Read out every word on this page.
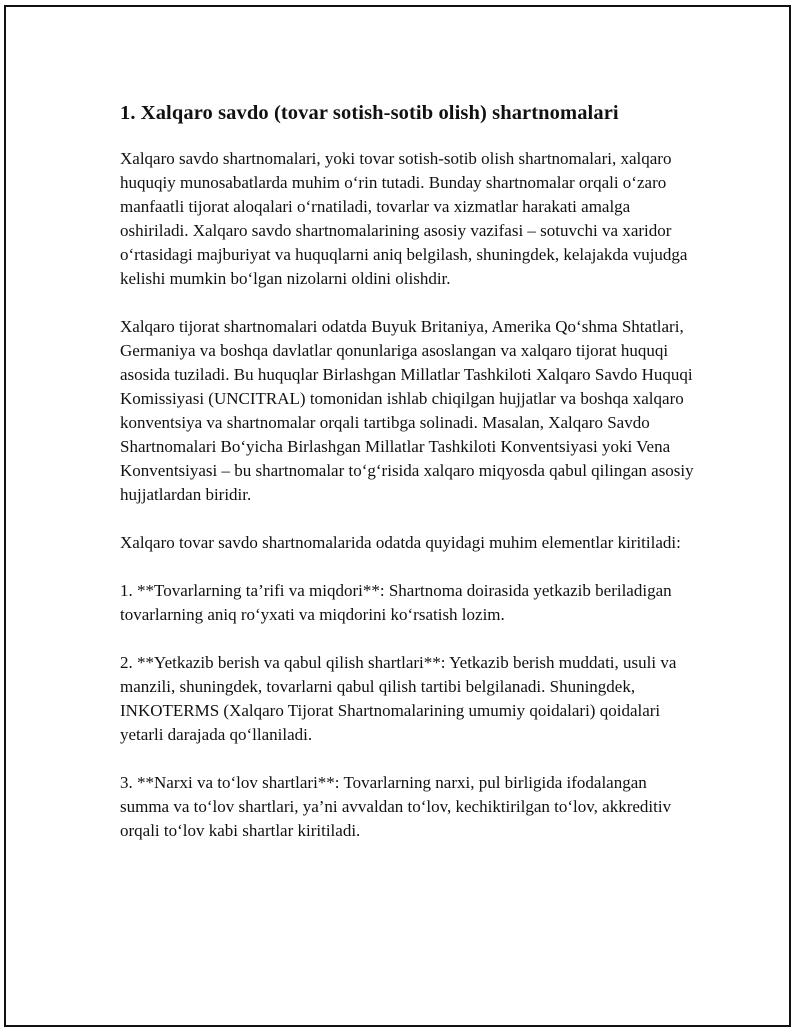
1. Xalqaro savdo (tovar sotish-sotib olish) shartnomalari

Xalqaro savdo shartnomalari, yoki tovar sotish-sotib olish shartnomalari, xalqaro huquqiy munosabatlarda muhim o‘rin tutadi. Bunday shartnomalar orqali o‘zaro manfaatli tijorat aloqalari o‘rnatiladi, tovarlar va xizmatlar harakati amalga oshiriladi. Xalqaro savdo shartnomalarining asosiy vazifasi – sotuvchi va xaridor o‘rtasidagi majburiyat va huquqlarni aniq belgilash, shuningdek, kelajakda vujudga kelishi mumkin bo‘lgan nizolarni oldini olishdir.

Xalqaro tijorat shartnomalari odatda Buyuk Britaniya, Amerika Qo‘shma Shtatlari, Germaniya va boshqa davlatlar qonunlariga asoslangan va xalqaro tijorat huquqi asosida tuziladi. Bu huquqlar Birlashgan Millatlar Tashkiloti Xalqaro Savdo Huquqi Komissiyasi (UNCITRAL) tomonidan ishlab chiqilgan hujjatlar va boshqa xalqaro konventsiya va shartnomalar orqali tartibga solinadi. Masalan, Xalqaro Savdo Shartnomalari Bo‘yicha Birlashgan Millatlar Tashkiloti Konventsiyasi yoki Vena Konventsiyasi – bu shartnomalar to‘g‘risida xalqaro miqyosda qabul qilingan asosiy hujjatlardan biridir.

Xalqaro tovar savdo shartnomalarida odatda quyidagi muhim elementlar kiritiladi:

1. **Tovarlarning ta’rifi va miqdori**: Shartnoma doirasida yetkazib beriladigan tovarlarning aniq ro‘yxati va miqdorini ko‘rsatish lozim.

2. **Yetkazib berish va qabul qilish shartlari**: Yetkazib berish muddati, usuli va manzili, shuningdek, tovarlarni qabul qilish tartibi belgilanadi. Shuningdek, INKOTERMS (Xalqaro Tijorat Shartnomalarining umumiy qoidalari) qoidalari yetarli darajada qo‘llaniladi.

3. **Narxi va to‘lov shartlari**: Tovarlarning narxi, pul birligida ifodalangan summa va to‘lov shartlari, ya’ni avvaldan to‘lov, kechiktirilgan to‘lov, akkreditiv orqali to‘lov kabi shartlar kiritiladi.
